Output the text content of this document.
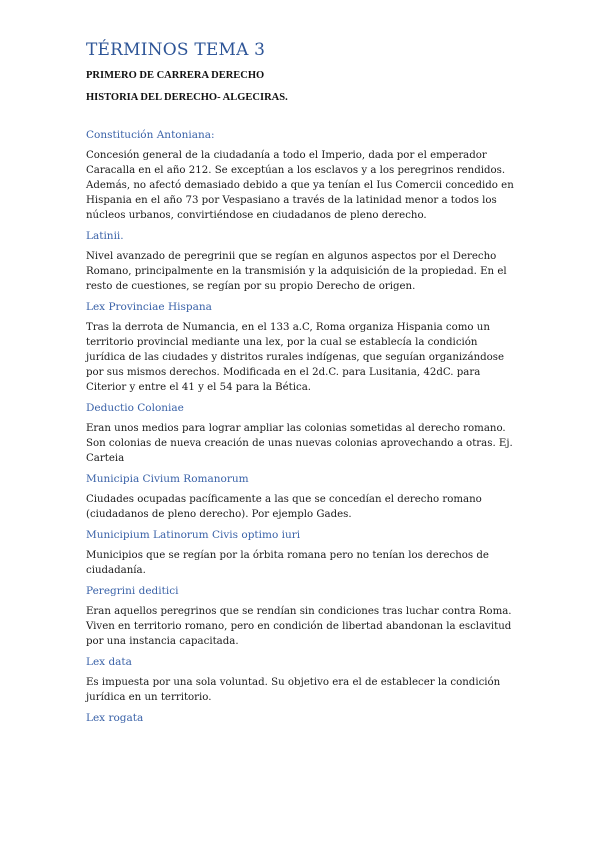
TÉRMINOS TEMA 3

PRIMERO DE CARRERA DERECHO

HISTORIA DEL DERECHO- ALGECIRAS.

Constitución Antoniana:

Concesión general de la ciudadanía a todo el Imperio, dada por el emperador Caracalla en el año 212. Se exceptúan a los esclavos y a los peregrinos rendidos. Además, no afectó demasiado debido a que ya tenían el Ius Comercii concedido en Hispania en el año 73 por Vespasiano a través de la latinidad menor a todos los núcleos urbanos, convirtiéndose en ciudadanos de pleno derecho.

Latinii.

Nivel avanzado de peregrinii que se regían en algunos aspectos por el Derecho Romano, principalmente en la transmisión y la adquisición de la propiedad. En el resto de cuestiones, se regían por su propio Derecho de origen.

Lex Provinciae Hispana

Tras la derrota de Numancia, en el 133 a.C, Roma organiza Hispania como un territorio provincial mediante una lex, por la cual se establecía la condición jurídica de las ciudades y distritos rurales indígenas, que seguían organizándose por sus mismos derechos. Modificada en el 2d.C. para Lusitania, 42dC. para Citerior y entre el 41 y el 54 para la Bética.

Deductio Coloniae

Eran unos medios para lograr ampliar las colonias sometidas al derecho romano. Son colonias de nueva creación de unas nuevas colonias aprovechando a otras. Ej. Carteia

Municipia Civium Romanorum

Ciudades ocupadas pacíficamente a las que se concedían el derecho romano (ciudadanos de pleno derecho). Por ejemplo Gades.

Municipium Latinorum Civis optimo iuri

Municipios que se regían por la órbita romana pero no tenían los derechos de ciudadanía.

Peregrini deditici

Eran aquellos peregrinos que se rendían sin condiciones tras luchar contra Roma. Viven en territorio romano, pero en condición de libertad abandonan la esclavitud por una instancia capacitada.

Lex data

Es impuesta por una sola voluntad. Su objetivo era el de establecer la condición jurídica en un territorio.

Lex rogata
